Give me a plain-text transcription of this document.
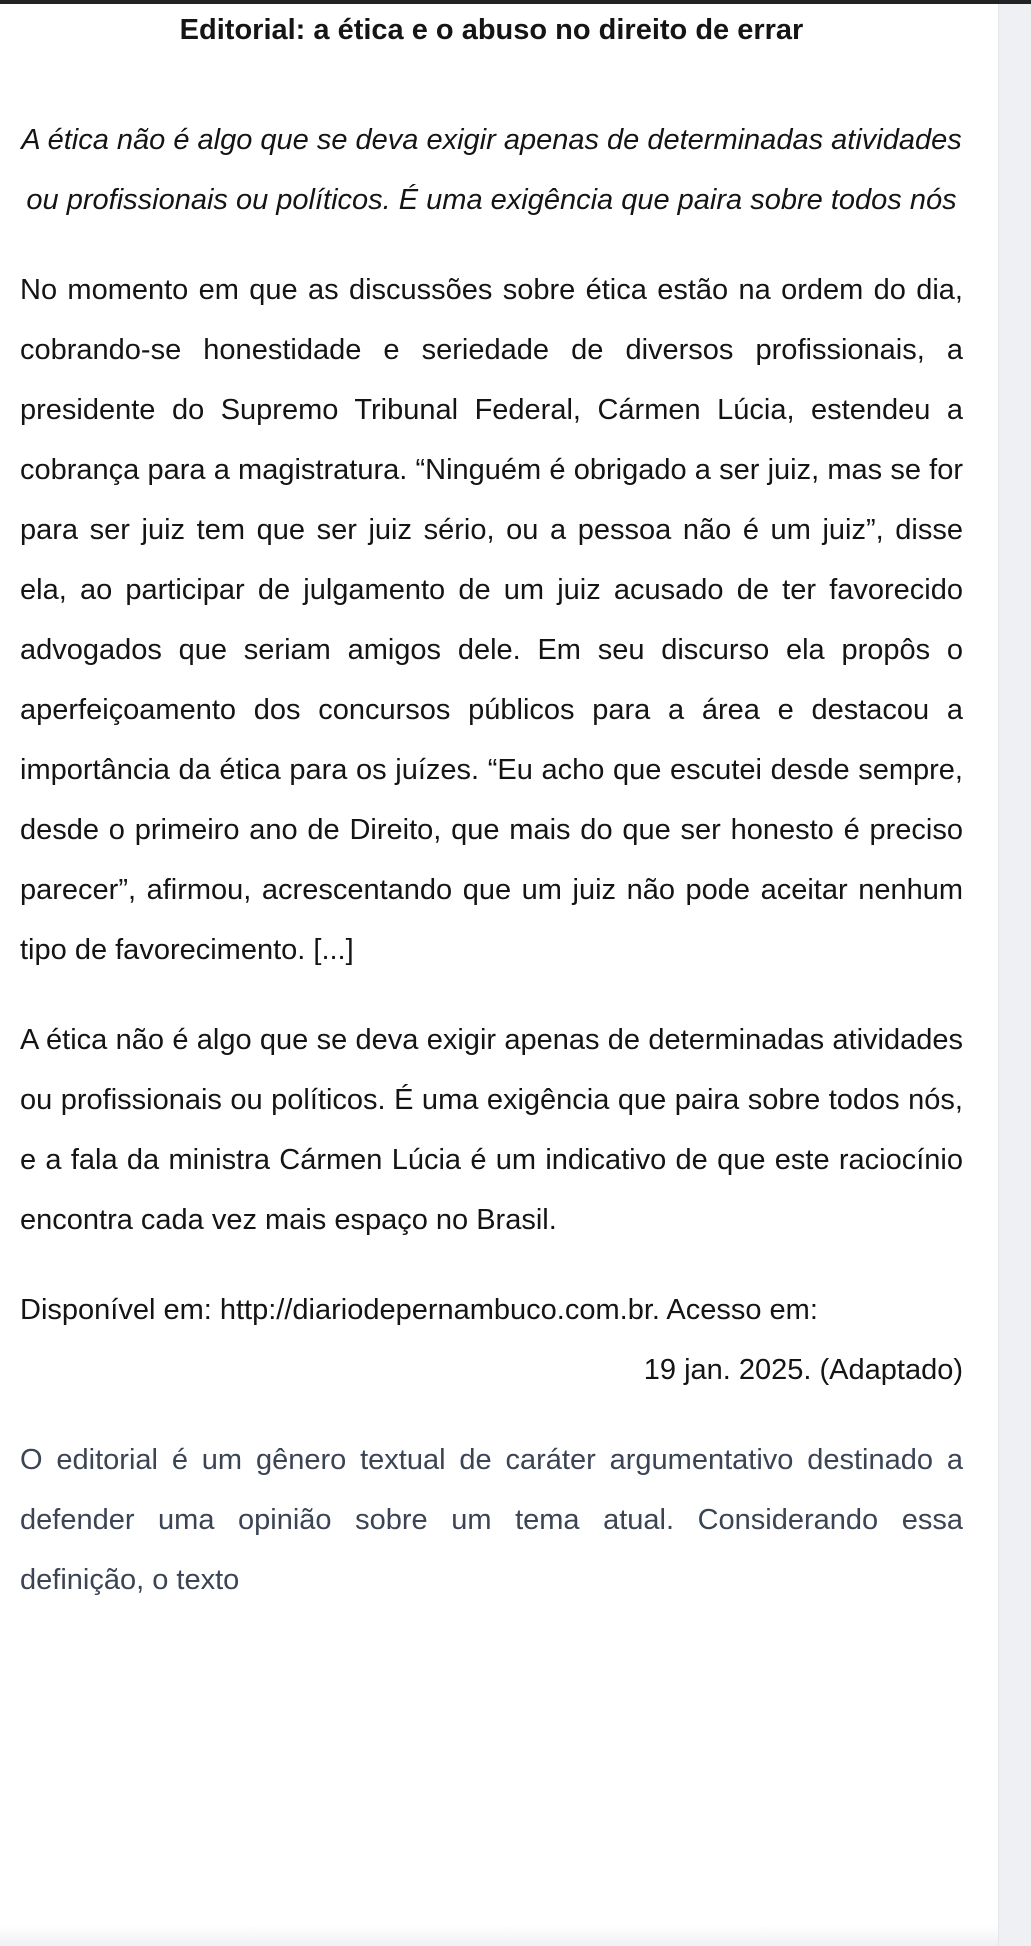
Editorial: a ética e o abuso no direito de errar

A ética não é algo que se deva exigir apenas de determinadas atividades ou profissionais ou políticos. É uma exigência que paira sobre todos nós

No momento em que as discussões sobre ética estão na ordem do dia, cobrando-se honestidade e seriedade de diversos profissionais, a presidente do Supremo Tribunal Federal, Cármen Lúcia, estendeu a cobrança para a magistratura. “Ninguém é obrigado a ser juiz, mas se for para ser juiz tem que ser juiz sério, ou a pessoa não é um juiz”, disse ela, ao participar de julgamento de um juiz acusado de ter favorecido advogados que seriam amigos dele. Em seu discurso ela propôs o aperfeiçoamento dos concursos públicos para a área e destacou a importância da ética para os juízes. “Eu acho que escutei desde sempre, desde o primeiro ano de Direito, que mais do que ser honesto é preciso parecer”, afirmou, acrescentando que um juiz não pode aceitar nenhum tipo de favorecimento. [...]

A ética não é algo que se deva exigir apenas de determinadas atividades ou profissionais ou políticos. É uma exigência que paira sobre todos nós, e a fala da ministra Cármen Lúcia é um indicativo de que este raciocínio encontra cada vez mais espaço no Brasil.

Disponível em: http://diariodepernambuco.com.br. Acesso em:
19 jan. 2025. (Adaptado)

O editorial é um gênero textual de caráter argumentativo destinado a defender uma opinião sobre um tema atual. Considerando essa definição, o texto
